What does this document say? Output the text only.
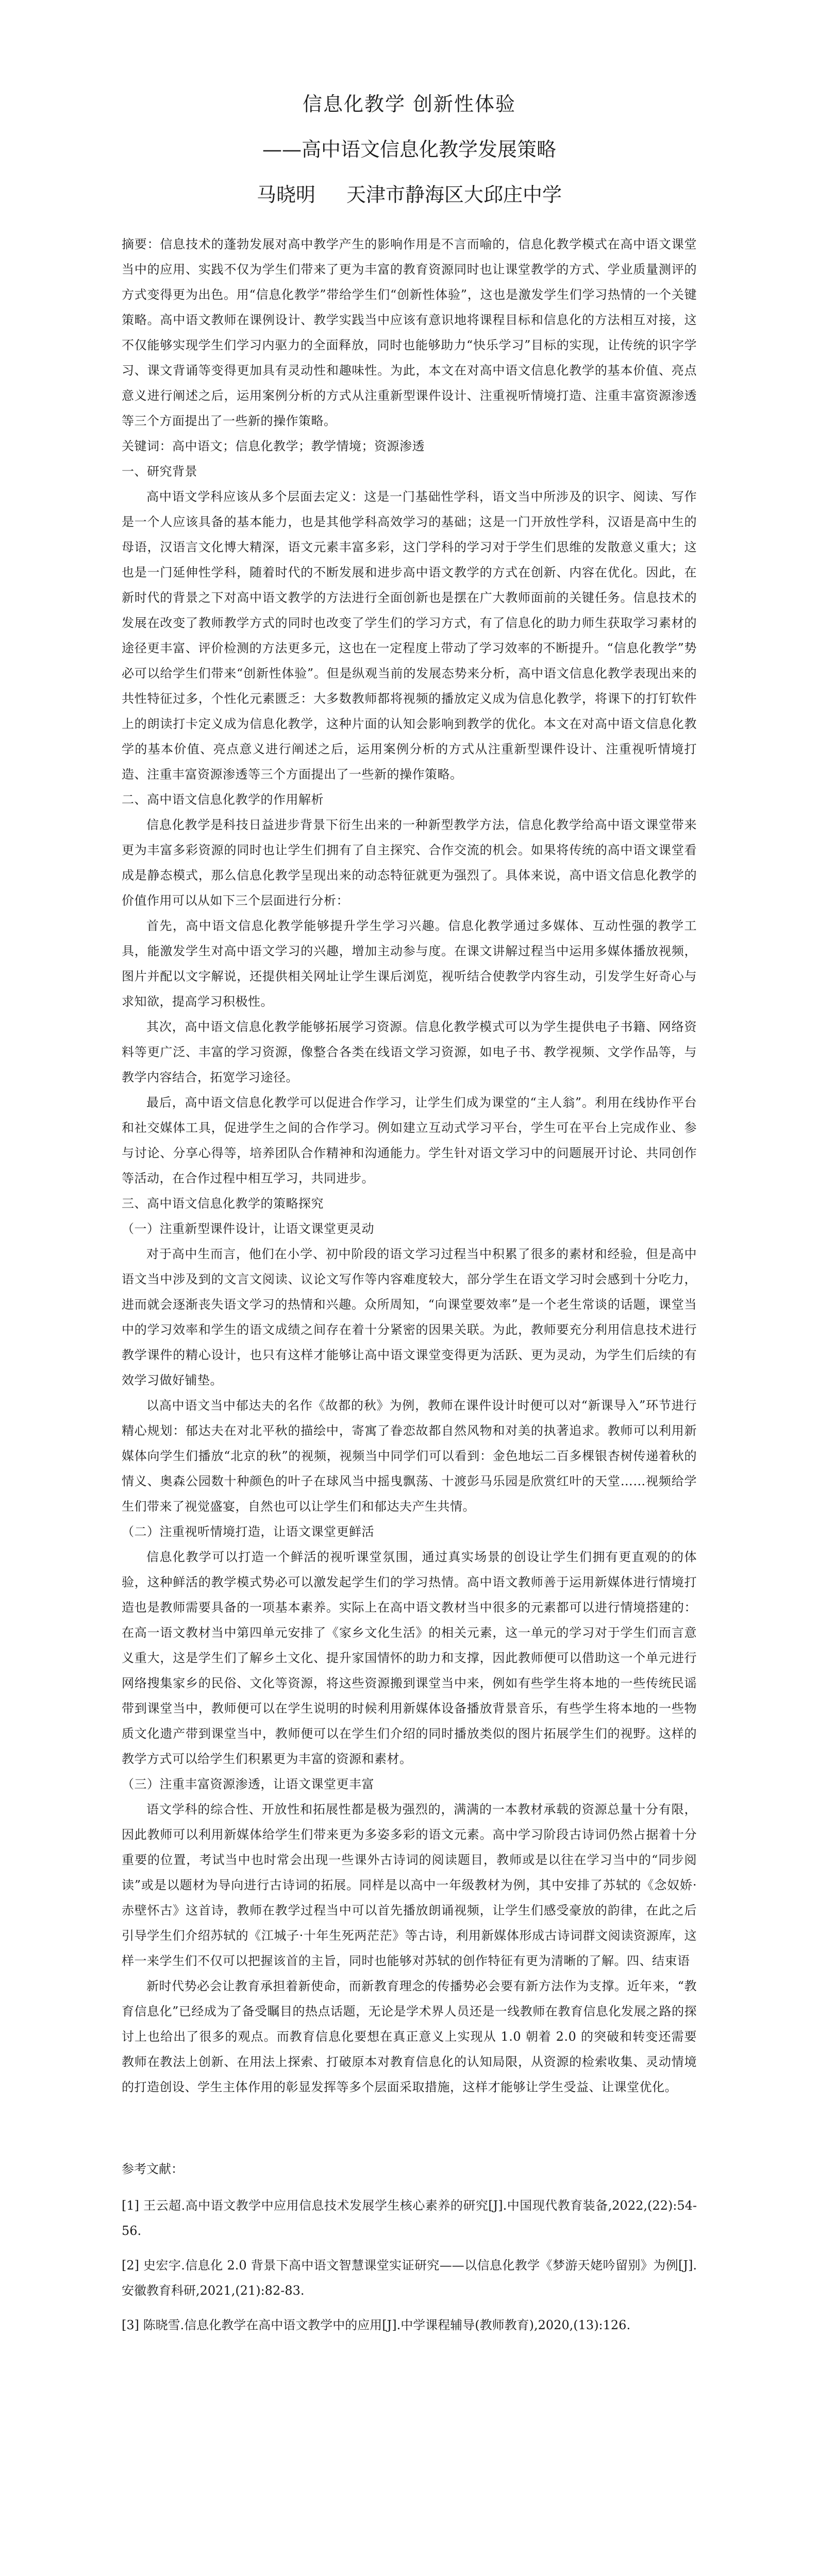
信息化教学 创新性体验
——高中语文信息化教学发展策略
马晓明 天津市静海区大邱庄中学

摘要：信息技术的蓬勃发展对高中教学产生的影响作用是不言而喻的，信息化教学模式在高中语文课堂当中的应用、实践不仅为学生们带来了更为丰富的教育资源同时也让课堂教学的方式、学业质量测评的方式变得更为出色。用“信息化教学”带给学生们“创新性体验”，这也是激发学生们学习热情的一个关键策略。高中语文教师在课例设计、教学实践当中应该有意识地将课程目标和信息化的方法相互对接，这不仅能够实现学生们学习内驱力的全面释放，同时也能够助力“快乐学习”目标的实现，让传统的识字学习、课文背诵等变得更加具有灵动性和趣味性。为此，本文在对高中语文信息化教学的基本价值、亮点意义进行阐述之后，运用案例分析的方式从注重新型课件设计、注重视听情境打造、注重丰富资源渗透等三个方面提出了一些新的操作策略。

关键词：高中语文；信息化教学；教学情境；资源渗透

一、研究背景

高中语文学科应该从多个层面去定义：这是一门基础性学科，语文当中所涉及的识字、阅读、写作是一个人应该具备的基本能力，也是其他学科高效学习的基础；这是一门开放性学科，汉语是高中生的母语，汉语言文化博大精深，语文元素丰富多彩，这门学科的学习对于学生们思维的发散意义重大；这也是一门延伸性学科，随着时代的不断发展和进步高中语文教学的方式在创新、内容在优化。因此，在新时代的背景之下对高中语文教学的方法进行全面创新也是摆在广大教师面前的关键任务。信息技术的发展在改变了教师教学方式的同时也改变了学生们的学习方式，有了信息化的助力师生获取学习素材的途径更丰富、评价检测的方法更多元，这也在一定程度上带动了学习效率的不断提升。“信息化教学”势必可以给学生们带来“创新性体验”。但是纵观当前的发展态势来分析，高中语文信息化教学表现出来的共性特征过多，个性化元素匮乏：大多数教师都将视频的播放定义成为信息化教学，将课下的打钉软件上的朗读打卡定义成为信息化教学，这种片面的认知会影响到教学的优化。本文在对高中语文信息化教学的基本价值、亮点意义进行阐述之后，运用案例分析的方式从注重新型课件设计、注重视听情境打造、注重丰富资源渗透等三个方面提出了一些新的操作策略。

二、高中语文信息化教学的作用解析

信息化教学是科技日益进步背景下衍生出来的一种新型教学方法，信息化教学给高中语文课堂带来更为丰富多彩资源的同时也让学生们拥有了自主探究、合作交流的机会。如果将传统的高中语文课堂看成是静态模式，那么信息化教学呈现出来的动态特征就更为强烈了。具体来说，高中语文信息化教学的价值作用可以从如下三个层面进行分析：

首先，高中语文信息化教学能够提升学生学习兴趣。信息化教学通过多媒体、互动性强的教学工具，能激发学生对高中语文学习的兴趣，增加主动参与度。在课文讲解过程当中运用多媒体播放视频，图片并配以文字解说，还提供相关网址让学生课后浏览，视听结合使教学内容生动，引发学生好奇心与求知欲，提高学习积极性。

其次，高中语文信息化教学能够拓展学习资源。信息化教学模式可以为学生提供电子书籍、网络资料等更广泛、丰富的学习资源，像整合各类在线语文学习资源，如电子书、教学视频、文学作品等，与教学内容结合，拓宽学习途径。

最后，高中语文信息化教学可以促进合作学习，让学生们成为课堂的“主人翁”。利用在线协作平台和社交媒体工具，促进学生之间的合作学习。例如建立互动式学习平台，学生可在平台上完成作业、参与讨论、分享心得等，培养团队合作精神和沟通能力。学生针对语文学习中的问题展开讨论、共同创作等活动，在合作过程中相互学习，共同进步。

三、高中语文信息化教学的策略探究

（一）注重新型课件设计，让语文课堂更灵动

对于高中生而言，他们在小学、初中阶段的语文学习过程当中积累了很多的素材和经验，但是高中语文当中涉及到的文言文阅读、议论文写作等内容难度较大，部分学生在语文学习时会感到十分吃力，进而就会逐渐丧失语文学习的热情和兴趣。众所周知，“向课堂要效率”是一个老生常谈的话题，课堂当中的学习效率和学生的语文成绩之间存在着十分紧密的因果关联。为此，教师要充分利用信息技术进行教学课件的精心设计，也只有这样才能够让高中语文课堂变得更为活跃、更为灵动，为学生们后续的有效学习做好铺垫。

以高中语文当中郁达夫的名作《故都的秋》为例，教师在课件设计时便可以对“新课导入”环节进行精心规划：郁达夫在对北平秋的描绘中，寄寓了眷恋故都自然风物和对美的执著追求。教师可以利用新媒体向学生们播放“北京的秋”的视频，视频当中同学们可以看到：金色地坛二百多棵银杏树传递着秋的情义、奥森公园数十种颜色的叶子在球风当中摇曳飘荡、十渡彭马乐园是欣赏红叶的天堂……视频给学生们带来了视觉盛宴，自然也可以让学生们和郁达夫产生共情。

（二）注重视听情境打造，让语文课堂更鲜活

信息化教学可以打造一个鲜活的视听课堂氛围，通过真实场景的创设让学生们拥有更直观的的体验，这种鲜活的教学模式势必可以激发起学生们的学习热情。高中语文教师善于运用新媒体进行情境打造也是教师需要具备的一项基本素养。实际上在高中语文教材当中很多的元素都可以进行情境搭建的：在高一语文教材当中第四单元安排了《家乡文化生活》的相关元素，这一单元的学习对于学生们而言意义重大，这是学生们了解乡土文化、提升家国情怀的助力和支撑，因此教师便可以借助这一个单元进行网络搜集家乡的民俗、文化等资源，将这些资源搬到课堂当中来，例如有些学生将本地的一些传统民谣带到课堂当中，教师便可以在学生说明的时候利用新媒体设备播放背景音乐，有些学生将本地的一些物质文化遗产带到课堂当中，教师便可以在学生们介绍的同时播放类似的图片拓展学生们的视野。这样的教学方式可以给学生们积累更为丰富的资源和素材。

（三）注重丰富资源渗透，让语文课堂更丰富

语文学科的综合性、开放性和拓展性都是极为强烈的，满满的一本教材承载的资源总量十分有限，因此教师可以利用新媒体给学生们带来更为多姿多彩的语文元素。高中学习阶段古诗词仍然占据着十分重要的位置，考试当中也时常会出现一些课外古诗词的阅读题目，教师或是以往在学习当中的“同步阅读”或是以题材为导向进行古诗词的拓展。同样是以高中一年级教材为例，其中安排了苏轼的《念奴娇·赤壁怀古》这首诗，教师在教学过程当中可以首先播放朗诵视频，让学生们感受豪放的韵律，在此之后引导学生们介绍苏轼的《江城子·十年生死两茫茫》等古诗，利用新媒体形成古诗词群文阅读资源库，这样一来学生们不仅可以把握该首的主旨，同时也能够对苏轼的创作特征有更为清晰的了解。四、结束语

新时代势必会让教育承担着新使命，而新教育理念的传播势必会要有新方法作为支撑。近年来，“教育信息化”已经成为了备受瞩目的热点话题，无论是学术界人员还是一线教师在教育信息化发展之路的探讨上也给出了很多的观点。而教育信息化要想在真正意义上实现从 1.0 朝着 2.0 的突破和转变还需要教师在教法上创新、在用法上探索、打破原本对教育信息化的认知局限，从资源的检索收集、灵动情境的打造创设、学生主体作用的彰显发挥等多个层面采取措施，这样才能够让学生受益、让课堂优化。

参考文献：

[1] 王云超.高中语文教学中应用信息技术发展学生核心素养的研究[J].中国现代教育装备,2022,(22):54-56.

[2] 史宏字.信息化 2.0 背景下高中语文智慧课堂实证研究——以信息化教学《梦游天姥吟留别》为例[J].安徽教育科研,2021,(21):82-83.

[3] 陈晓雪.信息化教学在高中语文教学中的应用[J].中学课程辅导(教师教育),2020,(13):126.
